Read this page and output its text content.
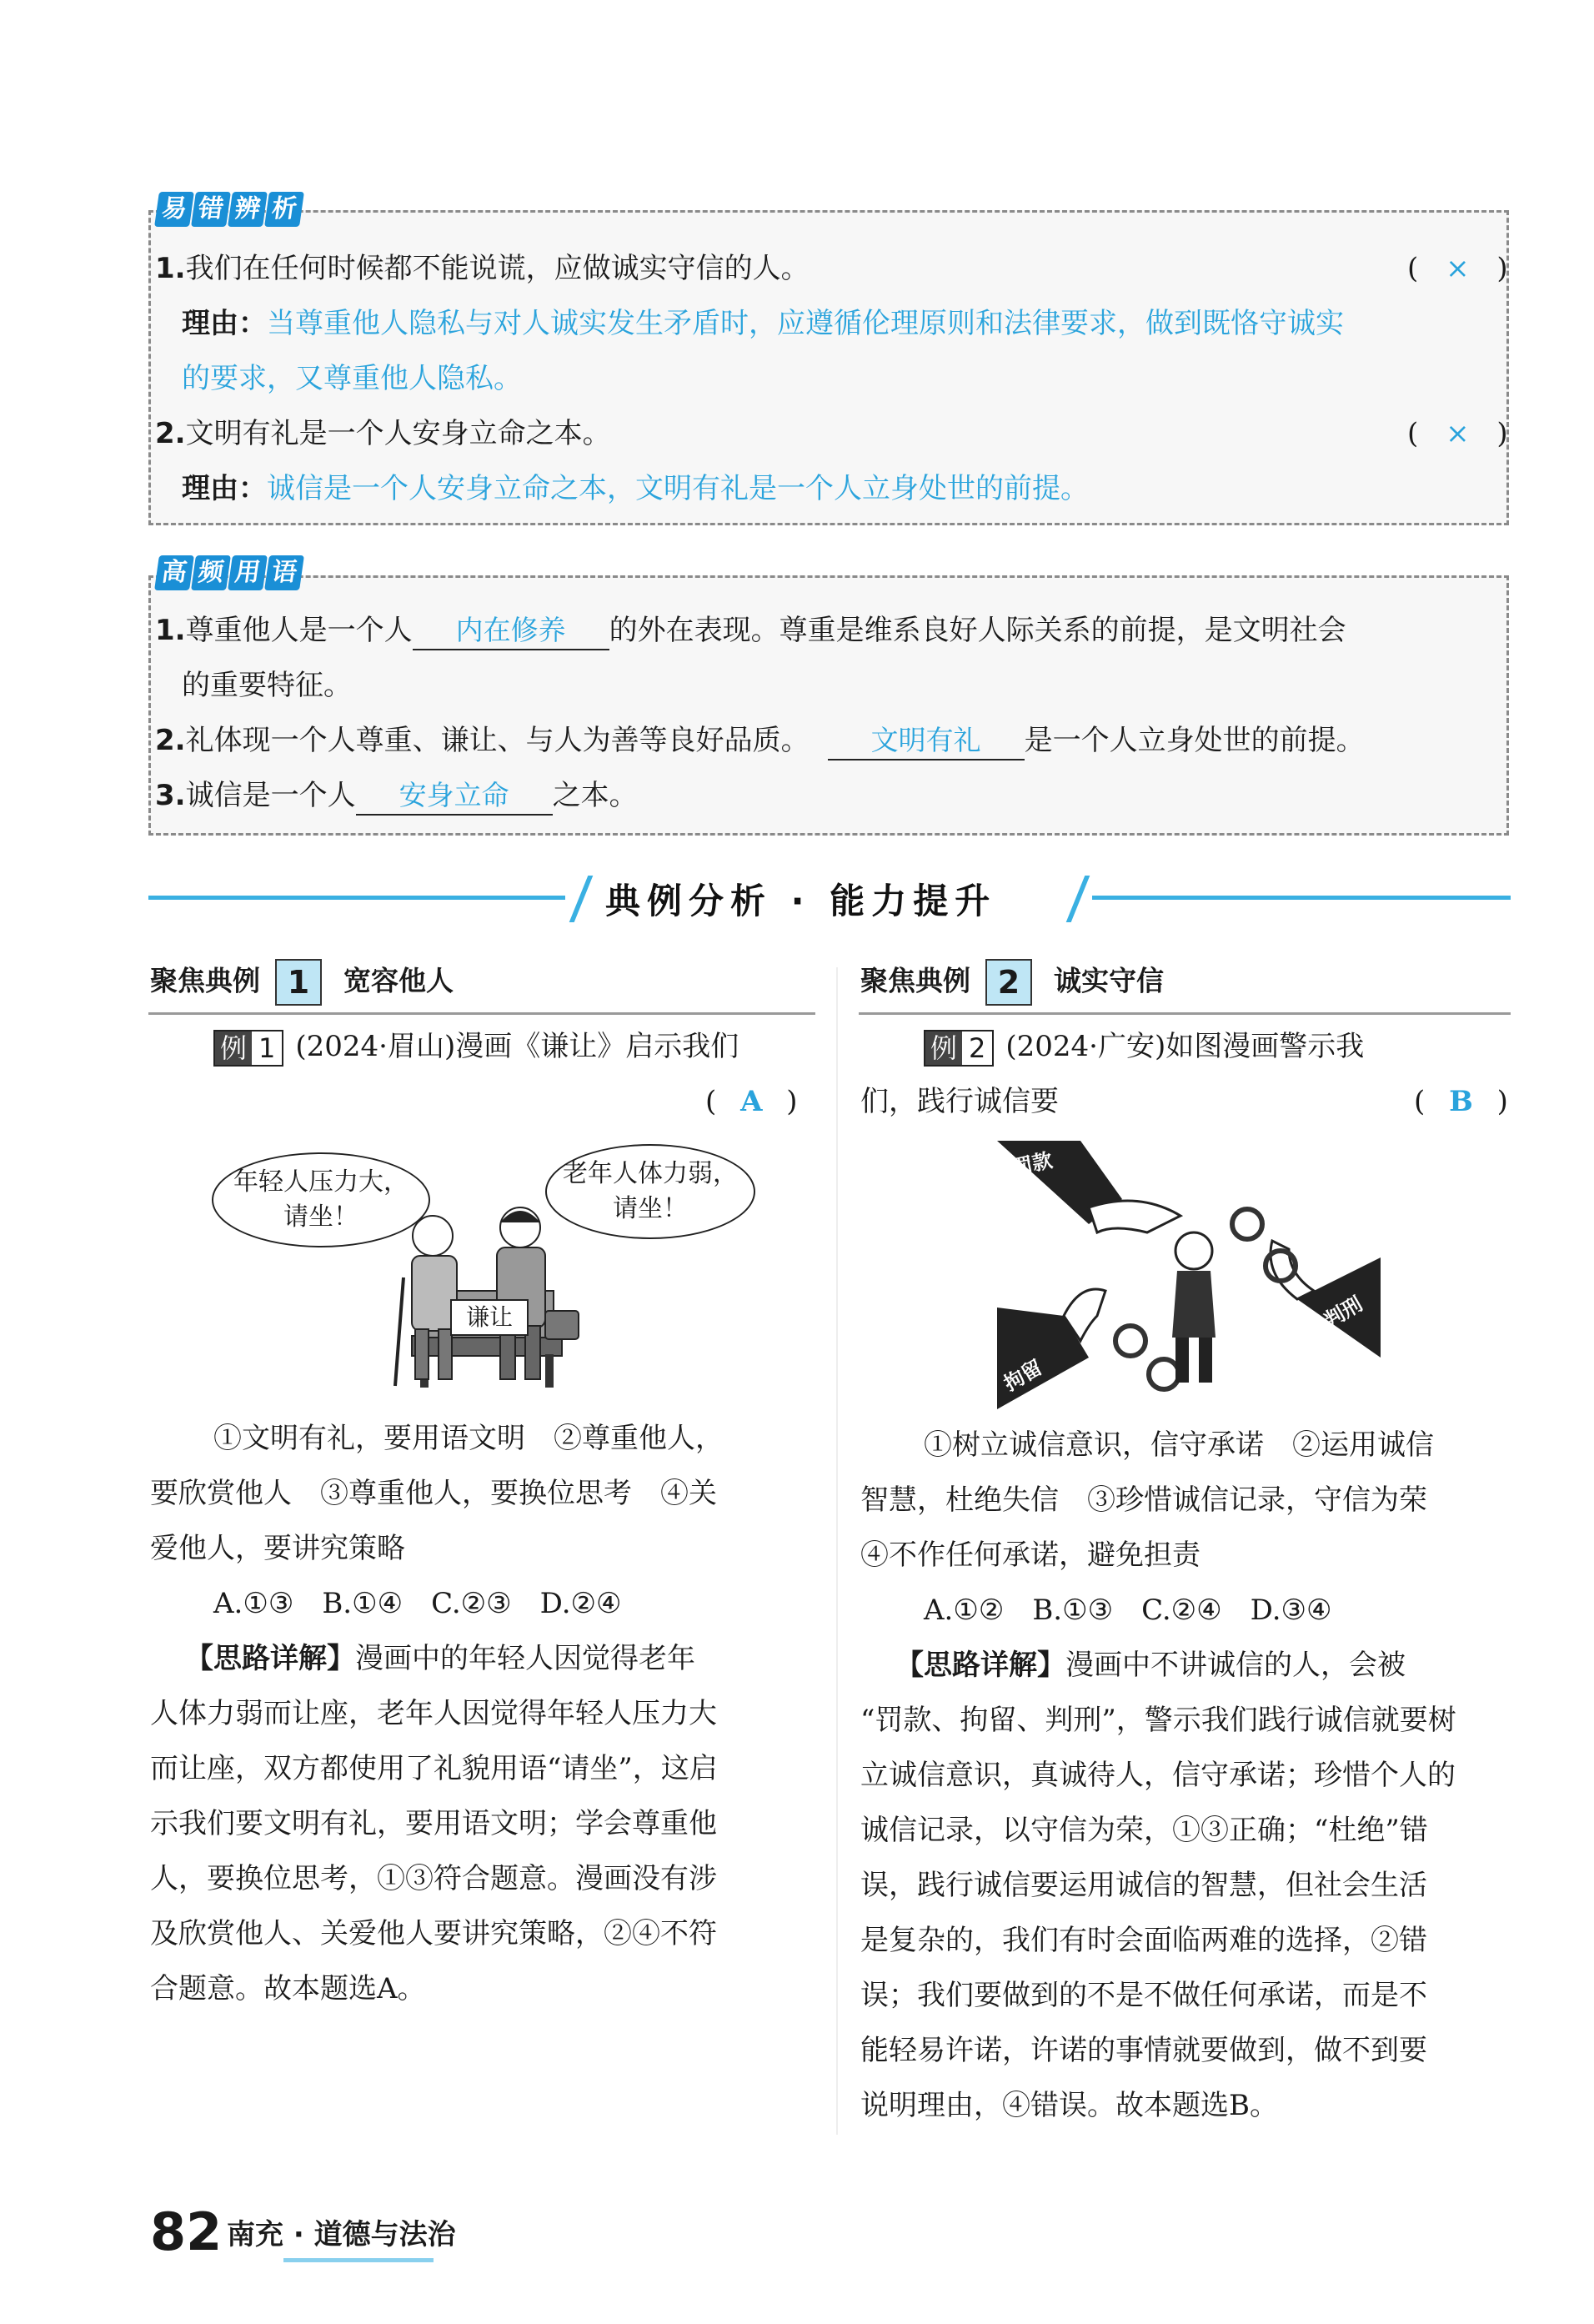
易 错 辨 析
1.我们在任何时候都不能说谎，应做诚实守信的人。	( × )
理由：当尊重他人隐私与对人诚实发生矛盾时，应遵循伦理原则和法律要求，做到既恪守诚实
的要求，又尊重他人隐私。
2.文明有礼是一个人安身立命之本。	( × )
理由：诚信是一个人安身立命之本，文明有礼是一个人立身处世的前提。
高 频 用 语
1.尊重他人是一个人 内在修养 的外在表现。尊重是维系良好人际关系的前提，是文明社会
的重要特征。
2.礼体现一个人尊重、谦让、与人为善等良好品质。 文明有礼 是一个人立身处世的前提。
3.诚信是一个人 安身立命 之本。
典例分析 · 能力提升
聚焦典例 1 宽容他人
例 1 (2024·眉山)漫画《谦让》启示我们
( A )
年轻人压力大，请坐！
老年人体力弱，请坐！
谦让
①文明有礼，要用语文明　②尊重他人，
要欣赏他人　③尊重他人，要换位思考　④关
爱他人，要讲究策略
A.①③　B.①④　C.②③　D.②④
【思路详解】漫画中的年轻人因觉得老年
人体力弱而让座，老年人因觉得年轻人压力大
而让座，双方都使用了礼貌用语“请坐”，这启
示我们要文明有礼，要用语文明；学会尊重他
人，要换位思考，①③符合题意。漫画没有涉
及欣赏他人、关爱他人要讲究策略，②④不符
合题意。故本题选A。
聚焦典例 2 诚实守信
例 2 (2024·广安)如图漫画警示我
们，践行诚信要	( B )
罚款
判刑
拘留
①树立诚信意识，信守承诺　②运用诚信
智慧，杜绝失信　③珍惜诚信记录，守信为荣
④不作任何承诺，避免担责
A.①②　B.①③　C.②④　D.③④
【思路详解】漫画中不讲诚信的人，会被
“罚款、拘留、判刑”，警示我们践行诚信就要树
立诚信意识，真诚待人，信守承诺；珍惜个人的
诚信记录，以守信为荣，①③正确；“杜绝”错
误，践行诚信要运用诚信的智慧，但社会生活
是复杂的，我们有时会面临两难的选择，②错
误；我们要做到的不是不做任何承诺，而是不
能轻易许诺，许诺的事情就要做到，做不到要
说明理由，④错误。故本题选B。
82 南充 · 道德与法治
